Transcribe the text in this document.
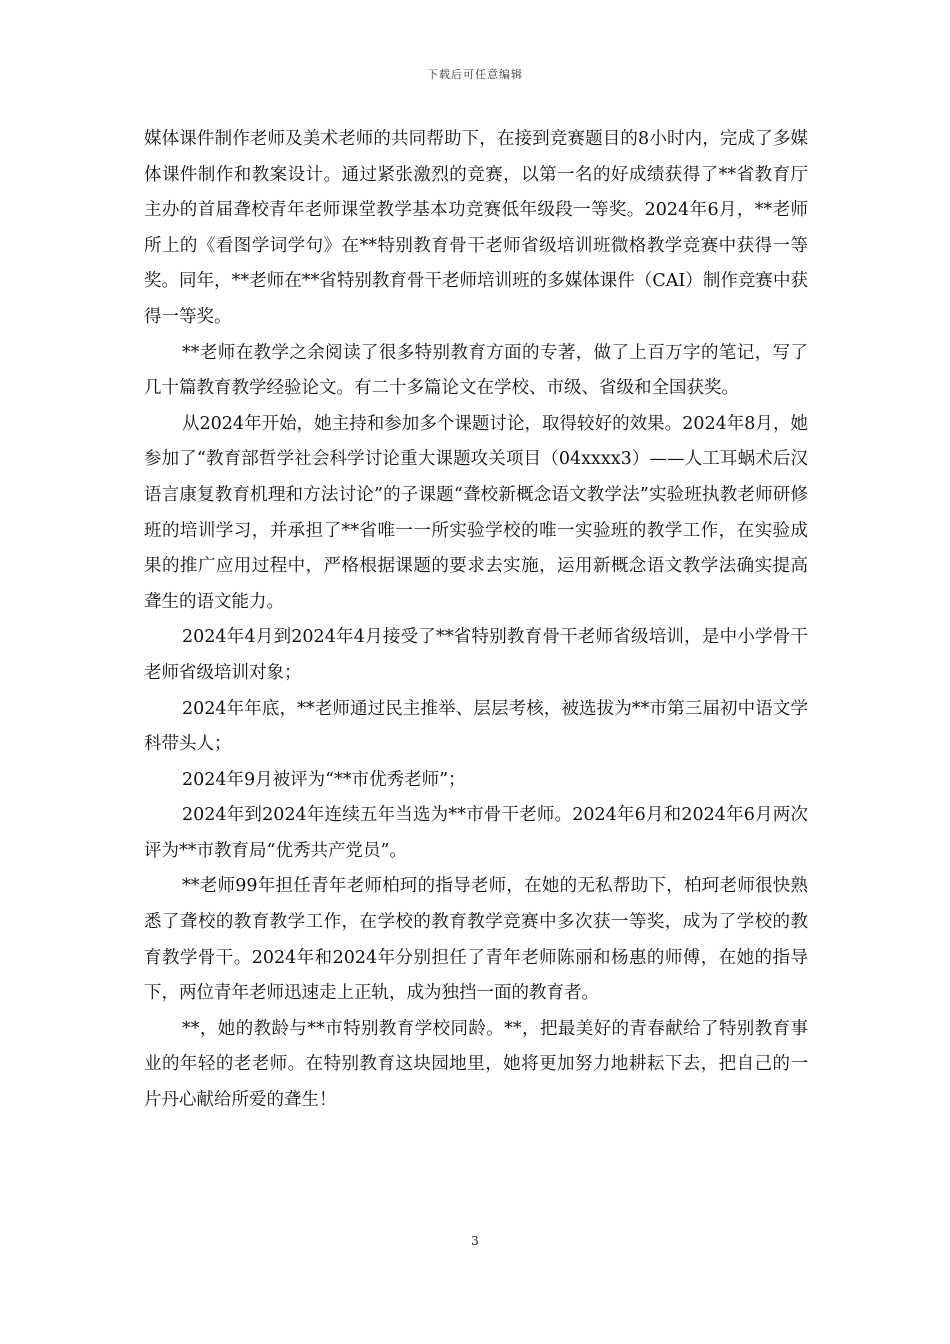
下载后可任意编辑

媒体课件制作老师及美术老师的共同帮助下，在接到竞赛题目的8小时内，完成了多媒体课件制作和教案设计。通过紧张激烈的竞赛，以第一名的好成绩获得了**省教育厅主办的首届聋校青年老师课堂教学基本功竞赛低年级段一等奖。2024年6月，**老师所上的《看图学词学句》在**特别教育骨干老师省级培训班微格教学竞赛中获得一等奖。同年，**老师在**省特别教育骨干老师培训班的多媒体课件（CAI）制作竞赛中获得一等奖。

**老师在教学之余阅读了很多特别教育方面的专著，做了上百万字的笔记，写了几十篇教育教学经验论文。有二十多篇论文在学校、市级、省级和全国获奖。

从2024年开始，她主持和参加多个课题讨论，取得较好的效果。2024年8月，她参加了“教育部哲学社会科学讨论重大课题攻关项目（04xxxx3）——人工耳蜗术后汉语言康复教育机理和方法讨论”的子课题“聋校新概念语文教学法”实验班执教老师研修班的培训学习，并承担了**省唯一一所实验学校的唯一实验班的教学工作，在实验成果的推广应用过程中，严格根据课题的要求去实施，运用新概念语文教学法确实提高聋生的语文能力。

2024年4月到2024年4月接受了**省特别教育骨干老师省级培训，是中小学骨干老师省级培训对象；

2024年年底，**老师通过民主推举、层层考核，被选拔为**市第三届初中语文学科带头人；

2024年9月被评为“**市优秀老师”；

2024年到2024年连续五年当选为**市骨干老师。2024年6月和2024年6月两次评为**市教育局“优秀共产党员”。

**老师99年担任青年老师柏珂的指导老师，在她的无私帮助下，柏珂老师很快熟悉了聋校的教育教学工作，在学校的教育教学竞赛中多次获一等奖，成为了学校的教育教学骨干。2024年和2024年分别担任了青年老师陈丽和杨惠的师傅，在她的指导下，两位青年老师迅速走上正轨，成为独挡一面的教育者。

**，她的教龄与**市特别教育学校同龄。**，把最美好的青春献给了特别教育事业的年轻的老老师。在特别教育这块园地里，她将更加努力地耕耘下去，把自己的一片丹心献给所爱的聋生！

3
